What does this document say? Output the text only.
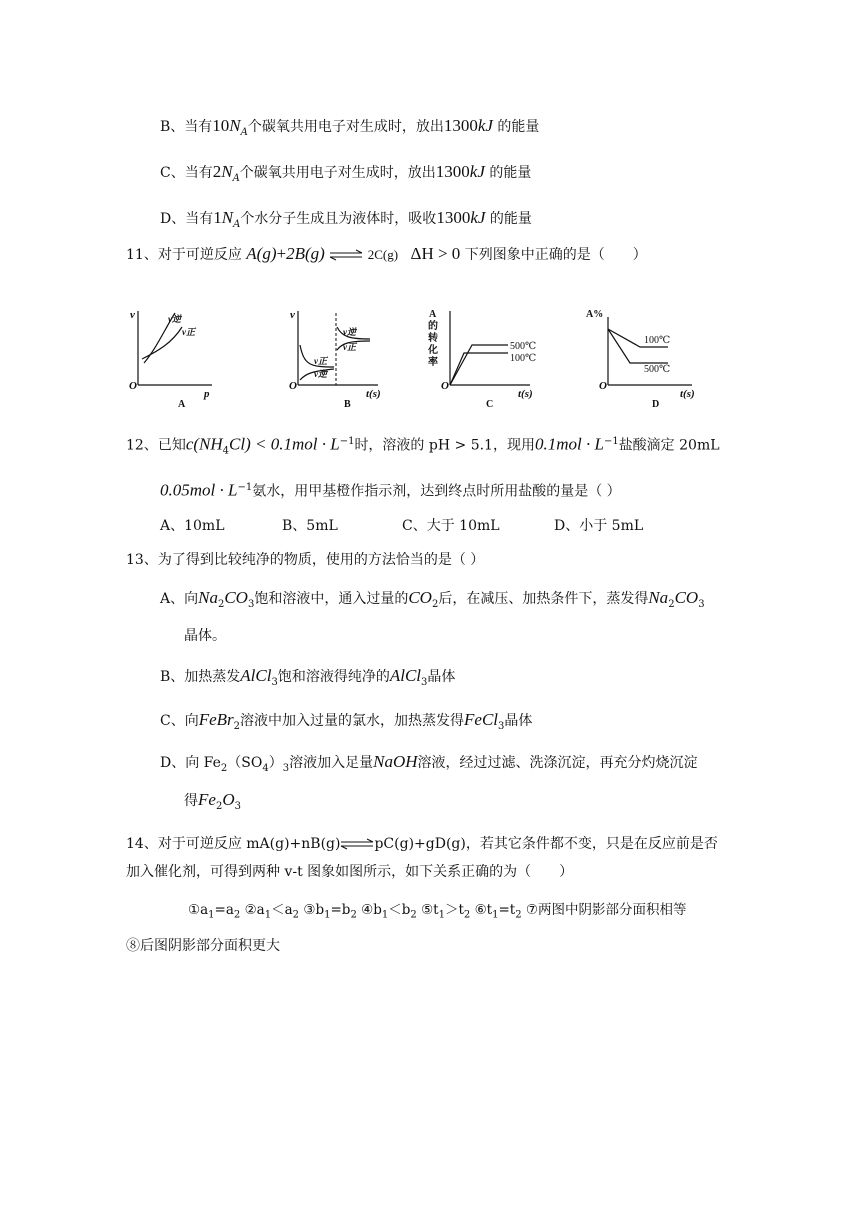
B、当有$10N_A$个碳氧共用电子对生成时，放出1300kJ 的能量
C、当有$2N_A$个碳氧共用电子对生成时，放出1300kJ 的能量
D、当有$1N_A$个水分子生成且为液体时，吸收1300kJ 的能量
11、对于可逆反应 A(g)+2B(g) ⇌ 2C(g) ΔH > 0 下列图象中正确的是（　　）
v
p
O
v逆
v正
A
v
t(s)
O
v逆
v正
v正
v逆
B
A
的
转
化
率
t(s)
O
500℃
100℃
C
A%
t(s)
O
100℃
500℃
D
12、已知$c(NH_4Cl) < 0.1mol \cdot L^{-1}$时，溶液的 pH > 5.1，现用$0.1mol \cdot L^{-1}$盐酸滴定 20mL
$0.05mol \cdot L^{-1}$氨水，用甲基橙作指示剂，达到终点时所用盐酸的量是（ ）
A、10mL	B、5mL	C、大于 10mL	D、小于 5mL
13、为了得到比较纯净的物质，使用的方法恰当的是（ ）
A、向$Na_2CO_3$饱和溶液中，通入过量的$CO_2$后，在减压、加热条件下，蒸发得$Na_2CO_3$
晶体。
B、加热蒸发AlCl$_3$饱和溶液得纯净的AlCl$_3$晶体
C、向FeBr$_2$溶液中加入过量的氯水，加热蒸发得FeCl$_3$晶体
D、向 $Fe_2(SO_4)_3$溶液加入足量NaOH溶液，经过过滤、洗涤沉淀，再充分灼烧沉淀
得$Fe_2O_3$
14、对于可逆反应 mA(g)+nB(g)⇌pC(g)+gD(g)，若其它条件都不变，只是在反应前是否
加入催化剂，可得到两种 v-t 图象如图所示，如下关系正确的为（　　）
$①a_1=a_2$ $②a_1<a_2$ $③b_1=b_2$ $④b_1<b_2$ $⑤t_1>t_2$ $⑥t_1=t_2$ ⑦两图中阴影部分面积相等
⑧后图阴影部分面积更大
